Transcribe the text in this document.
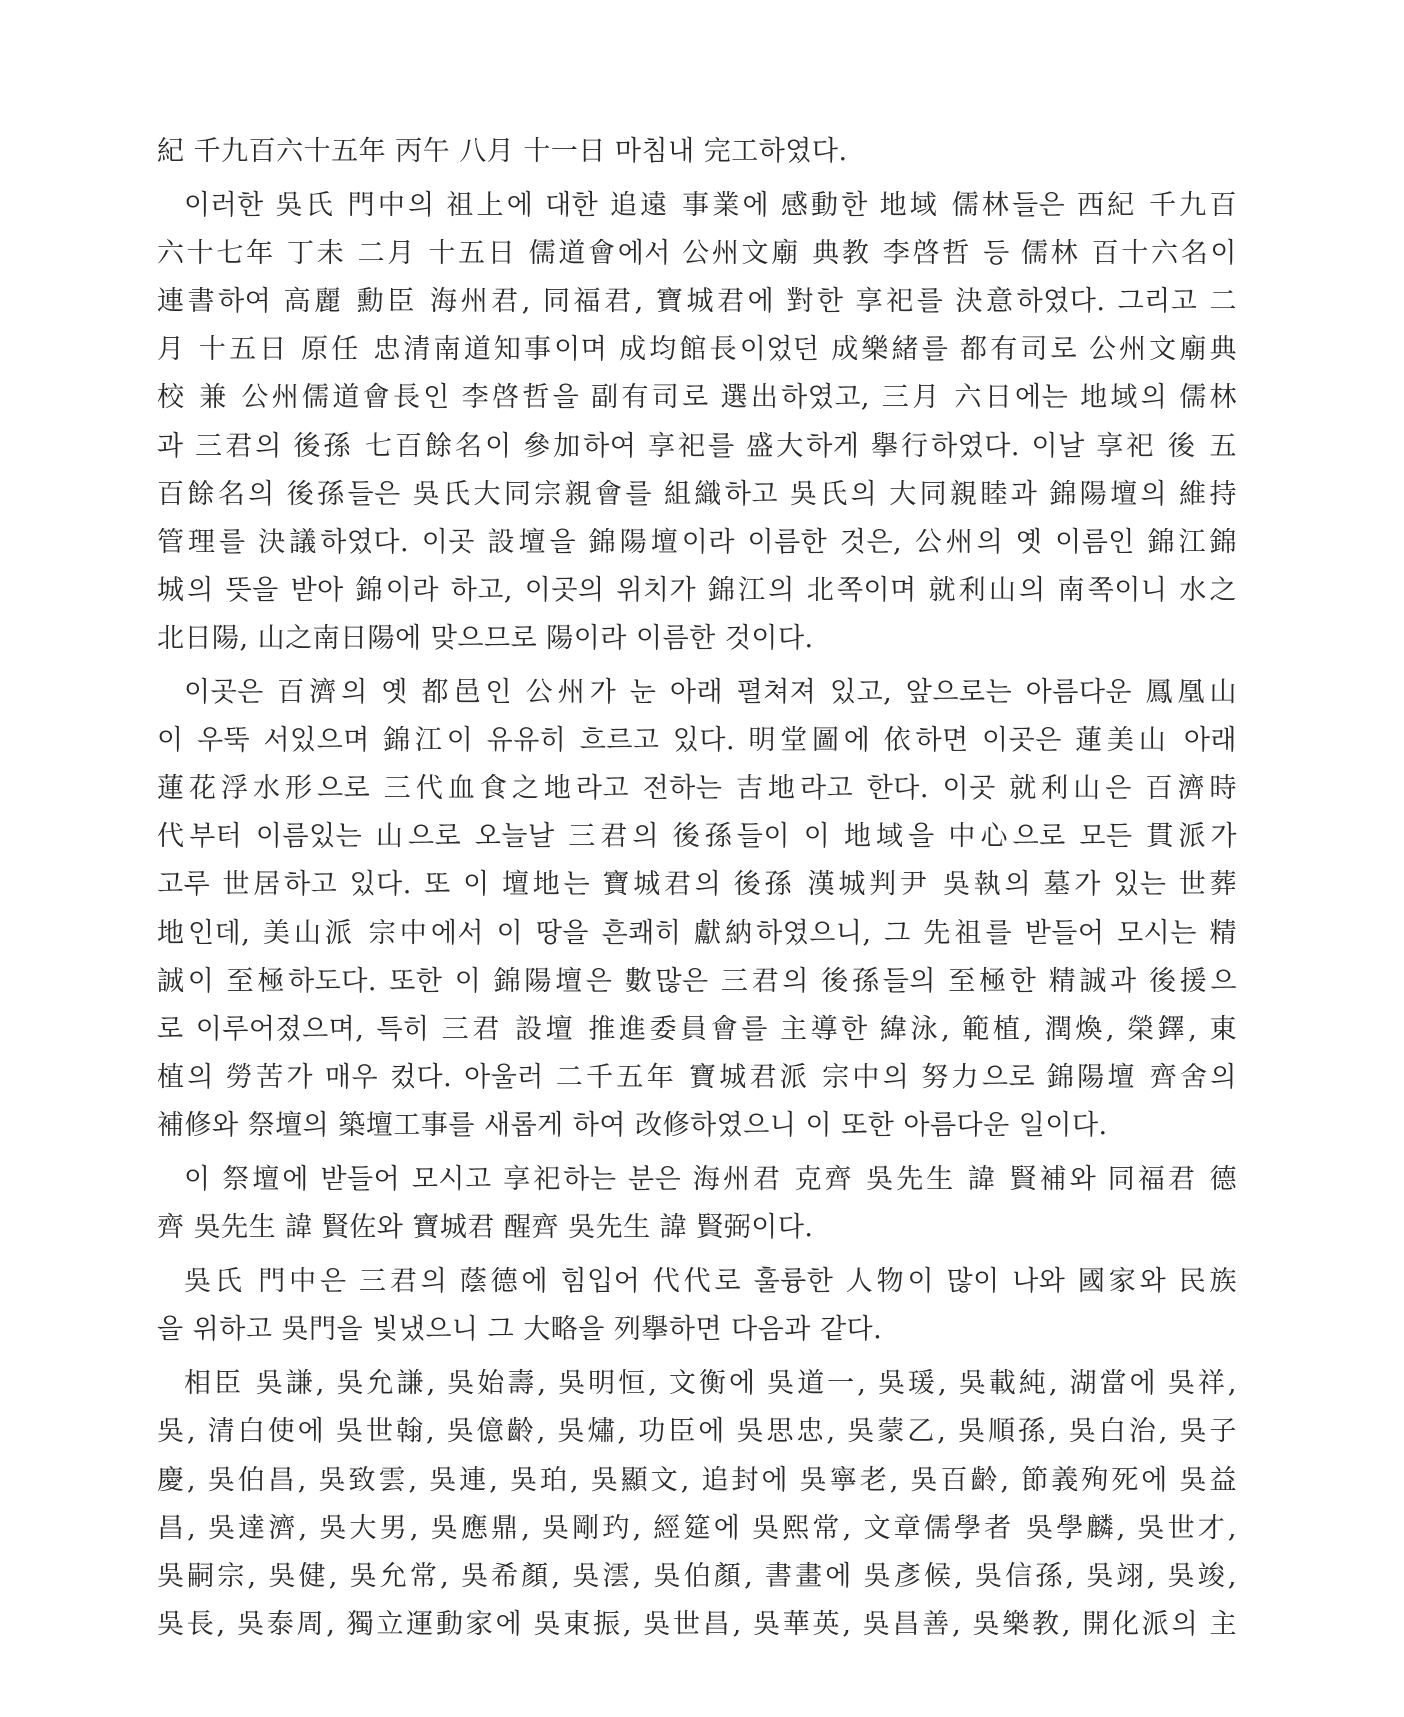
紀 千九百六十五年 丙午 八月 十一日 마침내 完工하였다.
이러한 吳氏 門中의 祖上에 대한 追遠 事業에 感動한 地域 儒林들은 西紀 千九百
六十七年 丁未 二月 十五日 儒道會에서 公州文廟 典教 李啓哲 등 儒林 百十六名이
連書하여 高麗 勳臣 海州君, 同福君, 寶城君에 對한 享祀를 決意하였다. 그리고 二
月 十五日 原任 忠清南道知事이며 成均館長이었던 成樂緒를 都有司로 公州文廟典
校 兼 公州儒道會長인 李啓哲을 副有司로 選出하였고, 三月 六日에는 地域의 儒林
과 三君의 後孫 七百餘名이 參加하여 享祀를 盛大하게 擧行하였다. 이날 享祀 後 五
百餘名의 後孫들은 吳氏大同宗親會를 組織하고 吳氏의 大同親睦과 錦陽壇의 維持
管理를 決議하였다. 이곳 設壇을 錦陽壇이라 이름한 것은, 公州의 옛 이름인 錦江錦
城의 뜻을 받아 錦이라 하고, 이곳의 위치가 錦江의 北쪽이며 就利山의 南쪽이니 水之
北日陽, 山之南日陽에 맞으므로 陽이라 이름한 것이다.
이곳은 百濟의 옛 都邑인 公州가 눈 아래 펼쳐져 있고, 앞으로는 아름다운 鳳凰山
이 우뚝 서있으며 錦江이 유유히 흐르고 있다. 明堂圖에 依하면 이곳은 蓮美山 아래
蓮花浮水形으로 三代血食之地라고 전하는 吉地라고 한다. 이곳 就利山은 百濟時
代부터 이름있는 山으로 오늘날 三君의 後孫들이 이 地域을 中心으로 모든 貫派가
고루 世居하고 있다. 또 이 壇地는 寶城君의 後孫 漢城判尹 吳執의 墓가 있는 世葬
地인데, 美山派 宗中에서 이 땅을 흔쾌히 獻納하였으니, 그 先祖를 받들어 모시는 精
誠이 至極하도다. 또한 이 錦陽壇은 數많은 三君의 後孫들의 至極한 精誠과 後援으
로 이루어졌으며, 특히 三君 設壇 推進委員會를 主導한 緯泳, 範植, 潤煥, 榮鐸, 東
植의 勞苦가 매우 컸다. 아울러 二千五年 寶城君派 宗中의 努力으로 錦陽壇 齊舍의
補修와 祭壇의 築壇工事를 새롭게 하여 改修하였으니 이 또한 아름다운 일이다.
이 祭壇에 받들어 모시고 享祀하는 분은 海州君 克齊 吳先生 諱 賢補와 同福君 德
齊 吳先生 諱 賢佐와 寶城君 醒齊 吳先生 諱 賢弼이다.
吳氏 門中은 三君의 蔭德에 힘입어 代代로 훌륭한 人物이 많이 나와 國家와 民族
을 위하고 吳門을 빛냈으니 그 大略을 列擧하면 다음과 같다.
相臣 吳謙, 吳允謙, 吳始壽, 吳明恒, 文衡에 吳道一, 吳瑗, 吳載純, 湖當에 吳祥,
吳, 清白使에 吳世翰, 吳億齡, 吳熽, 功臣에 吳思忠, 吳蒙乙, 吳順孫, 吳白治, 吳子
慶, 吳伯昌, 吳致雲, 吳連, 吳珀, 吳顯文, 追封에 吳寧老, 吳百齡, 節義殉死에 吳益
昌, 吳達濟, 吳大男, 吳應鼎, 吳剛玓, 經筵에 吳熙常, 文章儒學者 吳學麟, 吳世才,
吳嗣宗, 吳健, 吳允常, 吳希顏, 吳澐, 吳伯顏, 書畫에 吳彥候, 吳信孫, 吳翊, 吳竣,
吳長, 吳泰周, 獨立運動家에 吳東振, 吳世昌, 吳華英, 吳昌善, 吳樂教, 開化派의 主
